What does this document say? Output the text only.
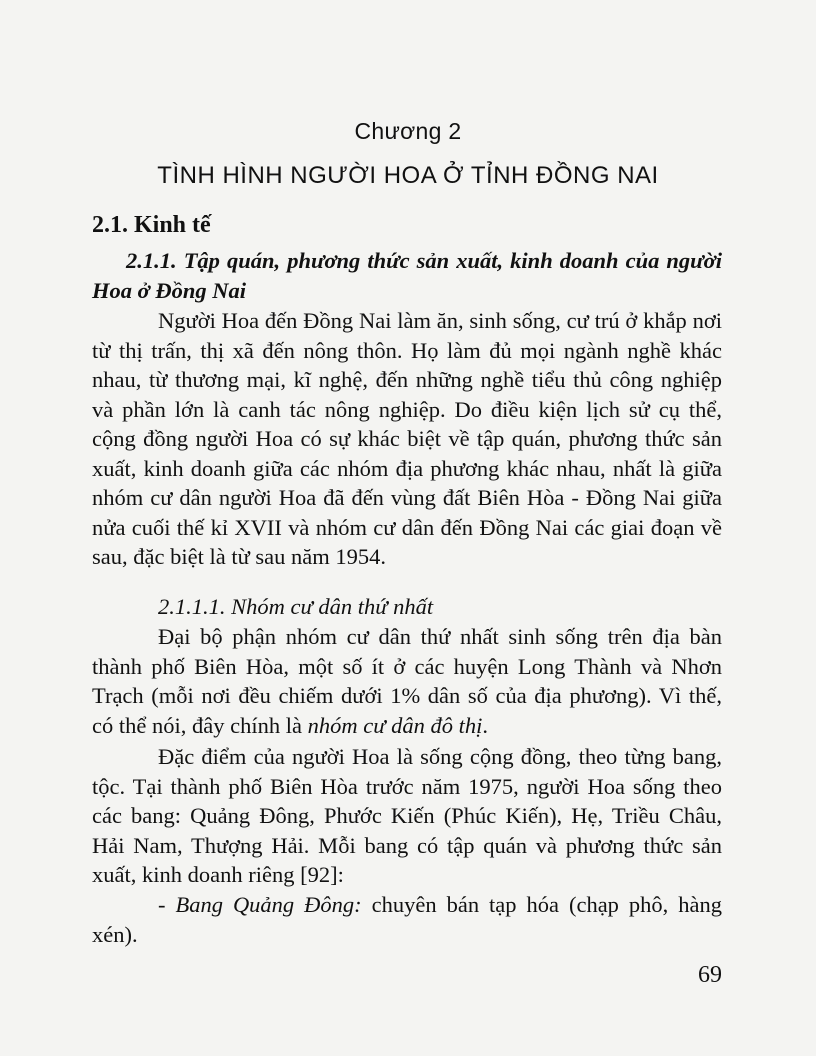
Chương 2
TÌNH HÌNH NGƯỜI HOA Ở TỈNH ĐỒNG NAI
2.1. Kinh tế

2.1.1. Tập quán, phương thức sản xuất, kinh doanh của người Hoa ở Đồng Nai

Người Hoa đến Đồng Nai làm ăn, sinh sống, cư trú ở khắp nơi từ thị trấn, thị xã đến nông thôn. Họ làm đủ mọi ngành nghề khác nhau, từ thương mại, kĩ nghệ, đến những nghề tiểu thủ công nghiệp và phần lớn là canh tác nông nghiệp. Do điều kiện lịch sử cụ thể, cộng đồng người Hoa có sự khác biệt về tập quán, phương thức sản xuất, kinh doanh giữa các nhóm địa phương khác nhau, nhất là giữa nhóm cư dân người Hoa đã đến vùng đất Biên Hòa - Đồng Nai giữa nửa cuối thế kỉ XVII và nhóm cư dân đến Đồng Nai các giai đoạn về sau, đặc biệt là từ sau năm 1954.

2.1.1.1. Nhóm cư dân thứ nhất

Đại bộ phận nhóm cư dân thứ nhất sinh sống trên địa bàn thành phố Biên Hòa, một số ít ở các huyện Long Thành và Nhơn Trạch (mỗi nơi đều chiếm dưới 1% dân số của địa phương). Vì thế, có thể nói, đây chính là nhóm cư dân đô thị.

Đặc điểm của người Hoa là sống cộng đồng, theo từng bang, tộc. Tại thành phố Biên Hòa trước năm 1975, người Hoa sống theo các bang: Quảng Đông, Phước Kiến (Phúc Kiến), Hẹ, Triều Châu, Hải Nam, Thượng Hải. Mỗi bang có tập quán và phương thức sản xuất, kinh doanh riêng [92]:

- Bang Quảng Đông: chuyên bán tạp hóa (chạp phô, hàng xén).

69
